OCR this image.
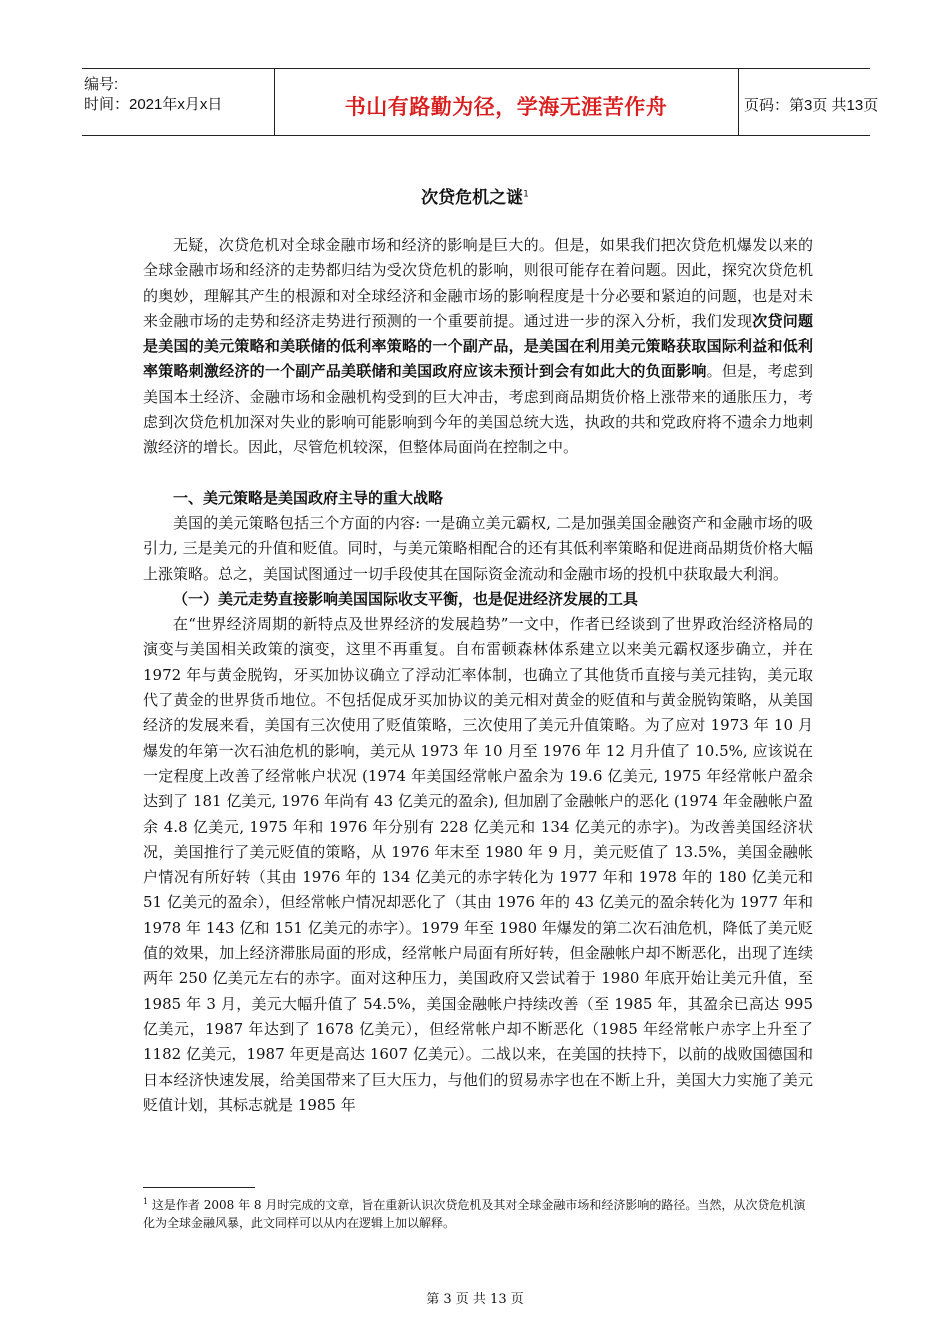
编号:
时间：2021年x月x日	书山有路勤为径，学海无涯苦作舟	页码：第3页 共13页
次贷危机之谜$^1$

无疑，次贷危机对全球金融市场和经济的影响是巨大的。但是，如果我们把次贷危机爆发以来的全球金融市场和经济的走势都归结为受次贷危机的影响，则很可能存在着问题。因此，探究次贷危机的奥妙，理解其产生的根源和对全球经济和金融市场的影响程度是十分必要和紧迫的问题，也是对未来金融市场的走势和经济走势进行预测的一个重要前提。通过进一步的深入分析，我们发现次贷问题是美国的美元策略和美联储的低利率策略的一个副产品，是美国在利用美元策略获取国际利益和低利率策略刺激经济的一个副产品美联储和美国政府应该未预计到会有如此大的负面影响。但是，考虑到美国本土经济、金融市场和金融机构受到的巨大冲击，考虑到商品期货价格上涨带来的通胀压力，考虑到次贷危机加深对失业的影响可能影响到今年的美国总统大选，执政的共和党政府将不遗余力地刺激经济的增长。因此，尽管危机较深，但整体局面尚在控制之中。

一、美元策略是美国政府主导的重大战略

美国的美元策略包括三个方面的内容: 一是确立美元霸权, 二是加强美国金融资产和金融市场的吸引力, 三是美元的升值和贬值。同时，与美元策略相配合的还有其低利率策略和促进商品期货价格大幅上涨策略。总之，美国试图通过一切手段使其在国际资金流动和金融市场的投机中获取最大利润。

（一）美元走势直接影响美国国际收支平衡，也是促进经济发展的工具

在“世界经济周期的新特点及世界经济的发展趋势”一文中，作者已经谈到了世界政治经济格局的演变与美国相关政策的演变，这里不再重复。自布雷顿森林体系建立以来美元霸权逐步确立，并在 1972 年与黄金脱钩，牙买加协议确立了浮动汇率体制，也确立了其他货币直接与美元挂钩，美元取代了黄金的世界货币地位。不包括促成牙买加协议的美元相对黄金的贬值和与黄金脱钩策略，从美国经济的发展来看，美国有三次使用了贬值策略，三次使用了美元升值策略。为了应对 1973 年 10 月爆发的年第一次石油危机的影响，美元从 1973 年 10 月至 1976 年 12 月升值了 10.5%, 应该说在一定程度上改善了经常帐户状况 (1974 年美国经常帐户盈余为 19.6 亿美元, 1975 年经常帐户盈余达到了 181 亿美元, 1976 年尚有 43 亿美元的盈余), 但加剧了金融帐户的恶化 (1974 年金融帐户盈余 4.8 亿美元, 1975 年和 1976 年分别有 228 亿美元和 134 亿美元的赤字)。为改善美国经济状况，美国推行了美元贬值的策略，从 1976 年末至 1980 年 9 月，美元贬值了 13.5%，美国金融帐户情况有所好转（其由 1976 年的 134 亿美元的赤字转化为 1977 年和 1978 年的 180 亿美元和 51 亿美元的盈余），但经常帐户情况却恶化了（其由 1976 年的 43 亿美元的盈余转化为 1977 年和 1978 年 143 亿和 151 亿美元的赤字）。1979 年至 1980 年爆发的第二次石油危机，降低了美元贬值的效果，加上经济滞胀局面的形成，经常帐户局面有所好转，但金融帐户却不断恶化，出现了连续两年 250 亿美元左右的赤字。面对这种压力，美国政府又尝试着于 1980 年底开始让美元升值，至 1985 年 3 月，美元大幅升值了 54.5%，美国金融帐户持续改善（至 1985 年，其盈余已高达 995 亿美元，1987 年达到了 1678 亿美元），但经常帐户却不断恶化（1985 年经常帐户赤字上升至了 1182 亿美元，1987 年更是高达 1607 亿美元）。二战以来，在美国的扶持下，以前的战败国德国和日本经济快速发展，给美国带来了巨大压力，与他们的贸易赤字也在不断上升，美国大力实施了美元贬值计划，其标志就是 1985 年

$^1$ 这是作者 2008 年 8 月时完成的文章，旨在重新认识次贷危机及其对全球金融市场和经济影响的路径。当然，从次贷危机演化为全球金融风暴，此文同样可以从内在逻辑上加以解释。
第 3 页 共 13 页
